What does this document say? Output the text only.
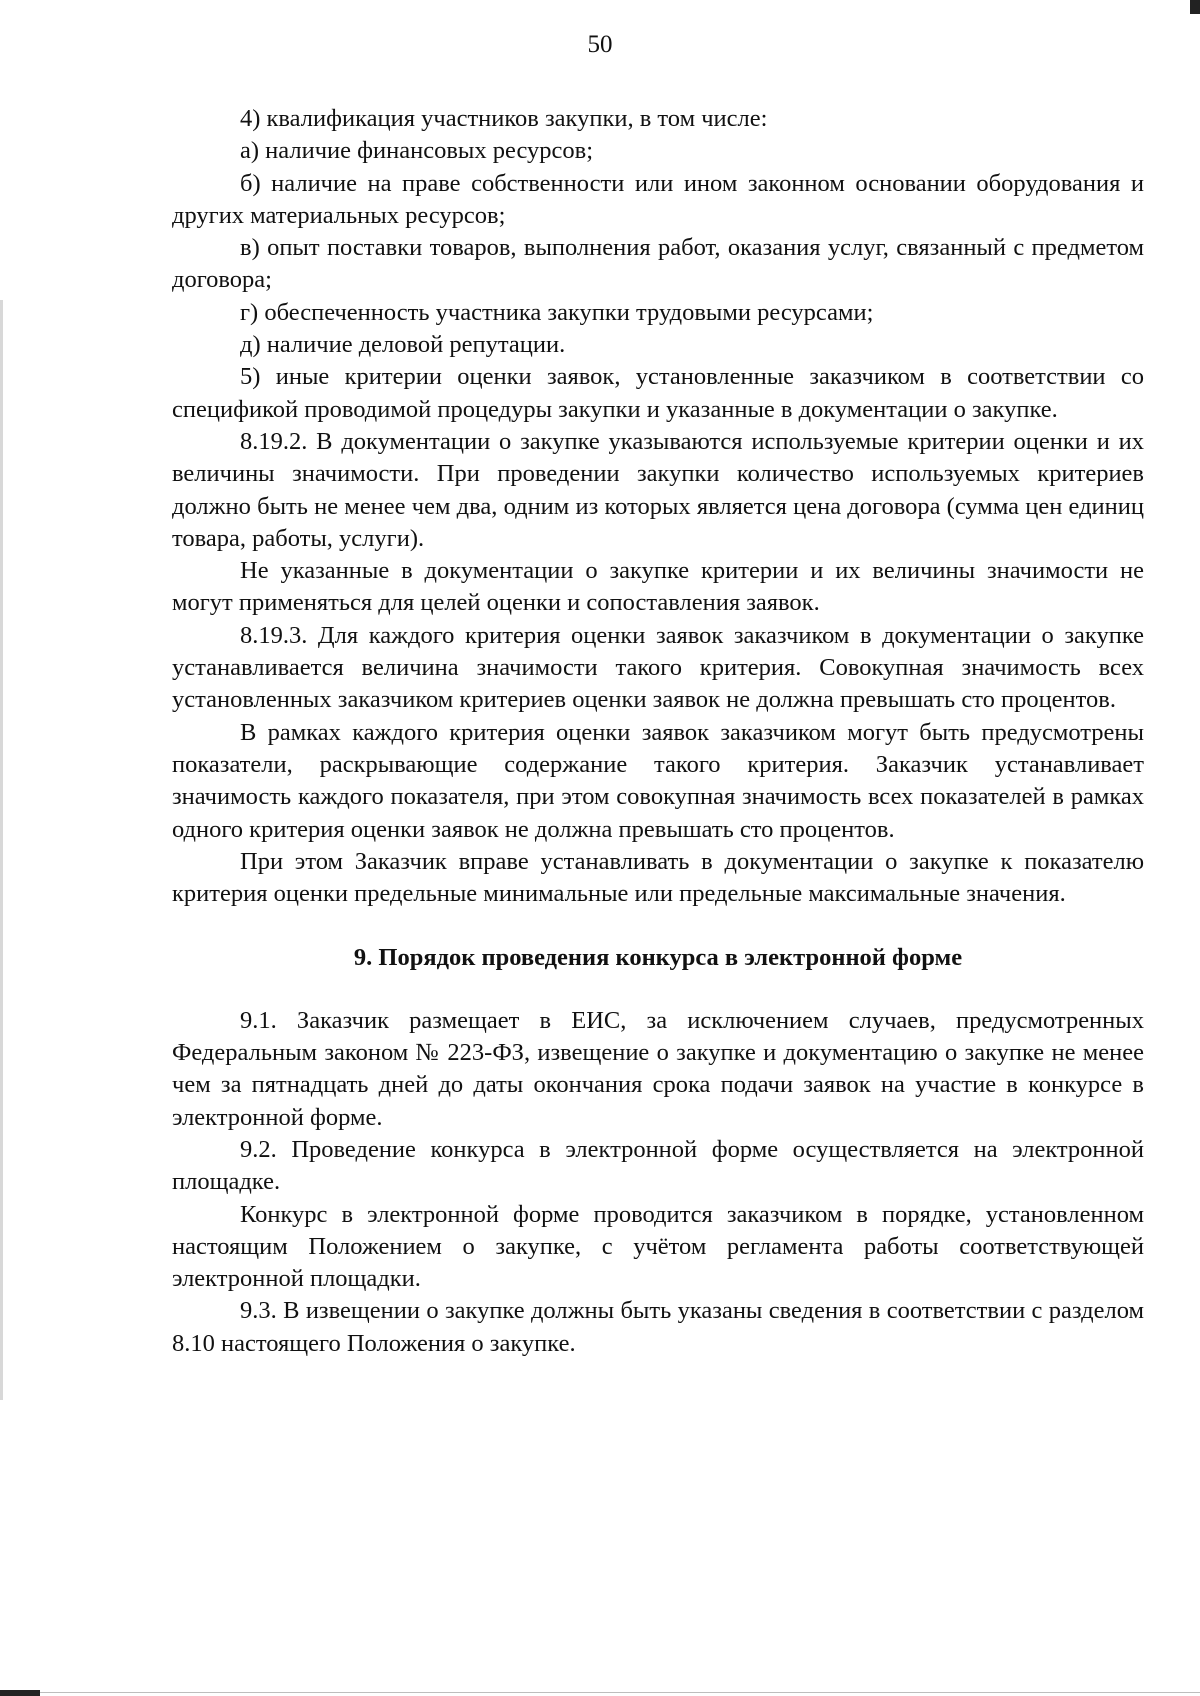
50

4) квалификация участников закупки, в том числе:

а) наличие финансовых ресурсов;

б) наличие на праве собственности или ином законном основании оборудования и других материальных ресурсов;

в) опыт поставки товаров, выполнения работ, оказания услуг, связанный с предметом договора;

г) обеспеченность участника закупки трудовыми ресурсами;

д) наличие деловой репутации.

5) иные критерии оценки заявок, установленные заказчиком в соответствии со спецификой проводимой процедуры закупки и указанные в документации о закупке.

8.19.2. В документации о закупке указываются используемые критерии оценки и их величины значимости. При проведении закупки количество используемых критериев должно быть не менее чем два, одним из которых является цена договора (сумма цен единиц товара, работы, услуги).

Не указанные в документации о закупке критерии и их величины значимости не могут применяться для целей оценки и сопоставления заявок.

8.19.3. Для каждого критерия оценки заявок заказчиком в документации о закупке устанавливается величина значимости такого критерия. Совокупная значимость всех установленных заказчиком критериев оценки заявок не должна превышать сто процентов.

В рамках каждого критерия оценки заявок заказчиком могут быть предусмотрены показатели, раскрывающие содержание такого критерия. Заказчик устанавливает значимость каждого показателя, при этом совокупная значимость всех показателей в рамках одного критерия оценки заявок не должна превышать сто процентов.

При этом Заказчик вправе устанавливать в документации о закупке к показателю критерия оценки предельные минимальные или предельные максимальные значения.

9. Порядок проведения конкурса в электронной форме

9.1. Заказчик размещает в ЕИС, за исключением случаев, предусмотренных Федеральным законом № 223-ФЗ, извещение о закупке и документацию о закупке не менее чем за пятнадцать дней до даты окончания срока подачи заявок на участие в конкурсе в электронной форме.

9.2. Проведение конкурса в электронной форме осуществляется на электронной площадке.

Конкурс в электронной форме проводится заказчиком в порядке, установленном настоящим Положением о закупке, с учётом регламента работы соответствующей электронной площадки.

9.3. В извещении о закупке должны быть указаны сведения в соответствии с разделом 8.10 настоящего Положения о закупке.
